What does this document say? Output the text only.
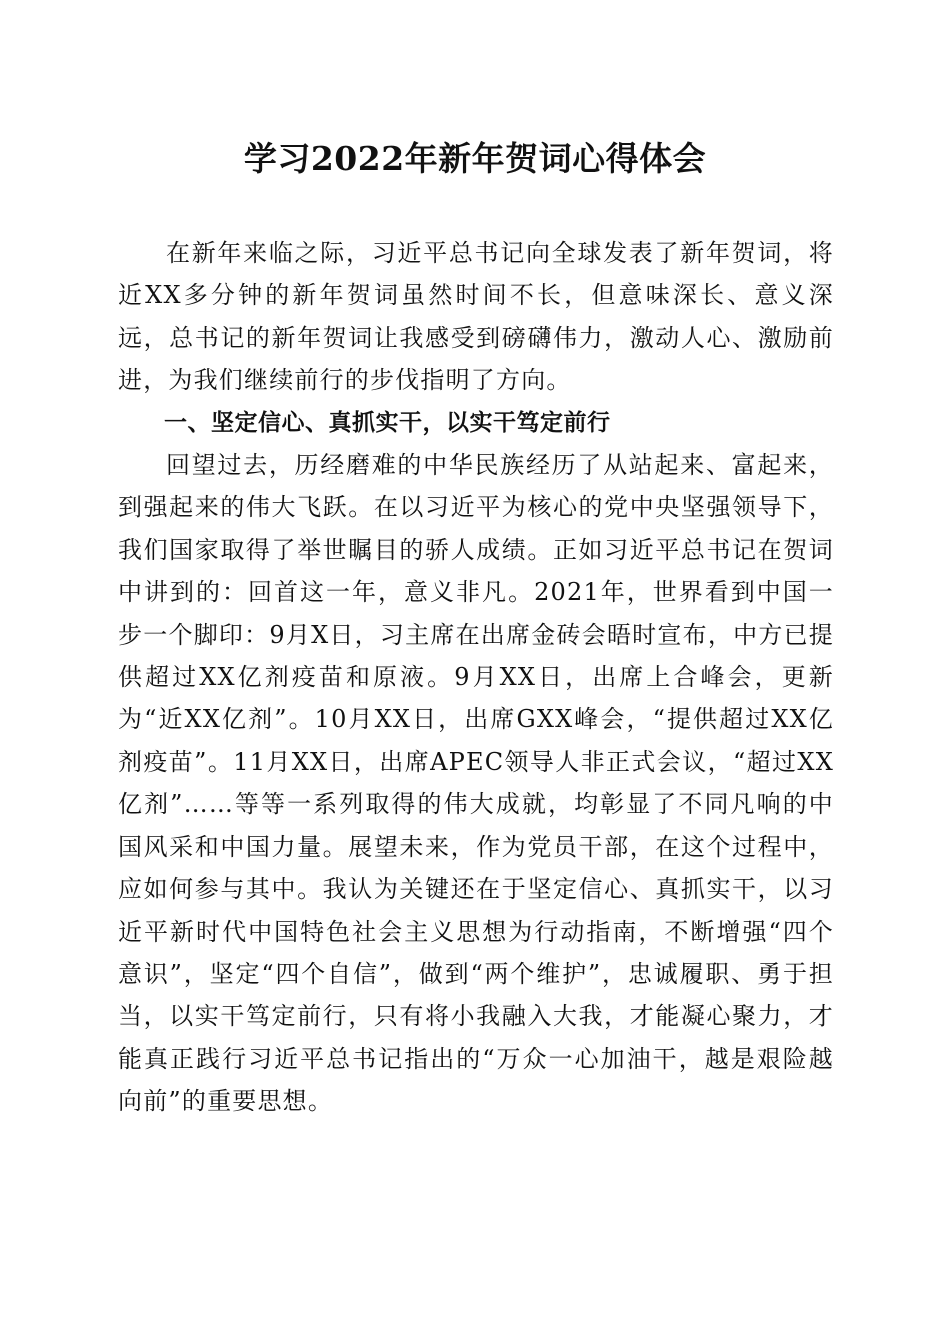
学习2022年新年贺词心得体会

在新年来临之际，习近平总书记向全球发表了新年贺词，将近XX多分钟的新年贺词虽然时间不长，但意味深长、意义深远，总书记的新年贺词让我感受到磅礴伟力，激动人心、激励前进，为我们继续前行的步伐指明了方向。

一、坚定信心、真抓实干，以实干笃定前行

回望过去，历经磨难的中华民族经历了从站起来、富起来，到强起来的伟大飞跃。在以习近平为核心的党中央坚强领导下，我们国家取得了举世瞩目的骄人成绩。正如习近平总书记在贺词中讲到的：回首这一年，意义非凡。2021年，世界看到中国一步一个脚印：9月X日，习主席在出席金砖会晤时宣布，中方已提供超过XX亿剂疫苗和原液。9月XX日，出席上合峰会，更新为“近XX亿剂”。10月XX日，出席GXX峰会，“提供超过XX亿剂疫苗”。11月XX日，出席APEC领导人非正式会议，“超过XX亿剂”……等等一系列取得的伟大成就，均彰显了不同凡响的中国风采和中国力量。展望未来，作为党员干部，在这个过程中，应如何参与其中。我认为关键还在于坚定信心、真抓实干，以习近平新时代中国特色社会主义思想为行动指南，不断增强“四个意识”，坚定“四个自信”，做到“两个维护”，忠诚履职、勇于担当，以实干笃定前行，只有将小我融入大我，才能凝心聚力，才能真正践行习近平总书记指出的“万众一心加油干，越是艰险越向前”的重要思想。
